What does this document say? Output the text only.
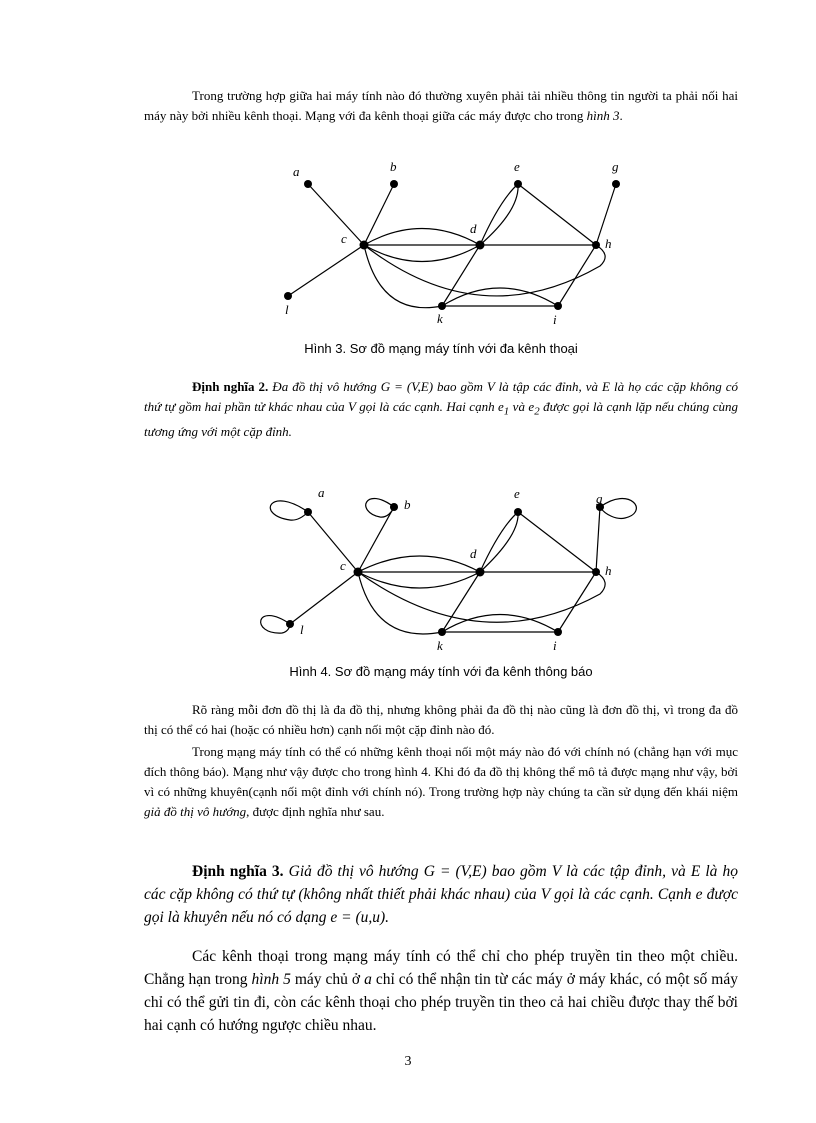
Trong trường hợp giữa hai máy tính nào đó thường xuyên phải tải nhiều thông tin người ta phải nối hai máy này bởi nhiều kênh thoại. Mạng với đa kênh thoại giữa các máy được cho trong hình 3.

a	b	e	g
c
d
h
l
k	i
Hình 3. Sơ đồ mạng máy tính với đa kênh thoại

Định nghĩa 2. Đa đồ thị vô hướng G = (V,E) bao gồm V là tập các đỉnh, và E là họ các cặp không có thứ tự gồm hai phần tử khác nhau của V gọi là các cạnh. Hai cạnh $e_1$ và $e_2$ được gọi là cạnh lặp nếu chúng cùng tương ứng với một cặp đỉnh.

a
b
e	g
c
d
h
l
k	i
Hình 4. Sơ đồ mạng máy tính với đa kênh thông báo

Rõ ràng mỗi đơn đồ thị là đa đồ thị, nhưng không phải đa đồ thị nào cũng là đơn đồ thị, vì trong đa đồ thị có thể có hai (hoặc có nhiều hơn) cạnh nối một cặp đỉnh nào đó.

Trong mạng máy tính có thể có những kênh thoại nối một máy nào đó với chính nó (chẳng hạn với mục đích thông báo). Mạng như vậy được cho trong hình 4. Khi đó đa đồ thị không thể mô tả được mạng như vậy, bởi vì có những khuyên(cạnh nối một đỉnh với chính nó). Trong trường hợp này chúng ta cần sử dụng đến khái niệm giả đồ thị vô hướng, được định nghĩa như sau.

Định nghĩa 3. Giả đồ thị vô hướng G = (V,E) bao gồm V là các tập đỉnh, và E là họ các cặp không có thứ tự (không nhất thiết phải khác nhau) của V gọi là các cạnh. Cạnh e được gọi là khuyên nếu nó có dạng e = (u,u).

Các kênh thoại trong mạng máy tính có thể chỉ cho phép truyền tin theo một chiều. Chẳng hạn trong hình 5 máy chủ ở a chỉ có thể nhận tin từ các máy ở máy khác, có một số máy chỉ có thể gửi tin đi, còn các kênh thoại cho phép truyền tin theo cả hai chiều được thay thế bởi hai cạnh có hướng ngược chiều nhau.

3
